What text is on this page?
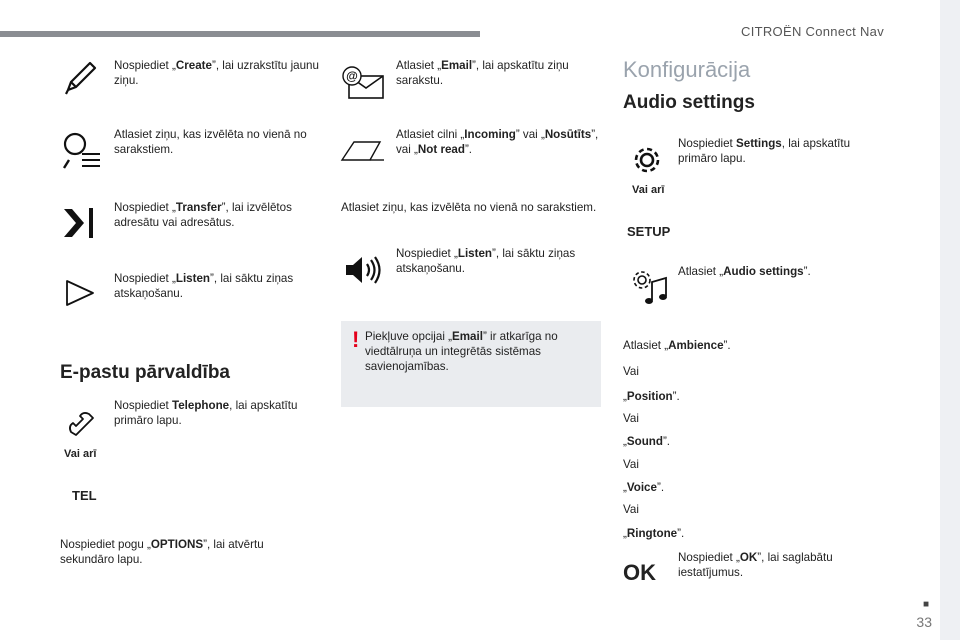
CITROËN Connect Nav
Nospiediet „Create”, lai uzrakstītu jaunu ziņu.
Atlasiet ziņu, kas izvēlēta no vienā no sarakstiem.
Nospiediet „Transfer”, lai izvēlētos adresātu vai adresātus.
Nospiediet „Listen”, lai sāktu ziņas atskaņošanu.
E-pastu pārvaldība
Nospiediet Telephone, lai apskatītu primāro lapu.
Vai arī
TEL
Nospiediet pogu „OPTIONS”, lai atvērtu sekundāro lapu.
@
Atlasiet „Email”, lai apskatītu ziņu sarakstu.
Atlasiet cilni „Incoming” vai „Nosūtīts”, vai „Not read”.
Atlasiet ziņu, kas izvēlēta no vienā no sarakstiem.
Nospiediet „Listen”, lai sāktu ziņas atskaņošanu.
! Piekļuve opcijai „Email” ir atkarīga no viedtālruņa un integrētās sistēmas savienojamības.
Konfigurācija
Audio settings
Nospiediet Settings, lai apskatītu primāro lapu.
Vai arī
SETUP
Atlasiet „Audio settings”.
Atlasiet „Ambience”.
Vai
„Position”.
Vai
„Sound”.
Vai
„Voice”.
Vai
„Ringtone”.
OK
Nospiediet „OK”, lai saglabātu iestatījumus.
■
33
